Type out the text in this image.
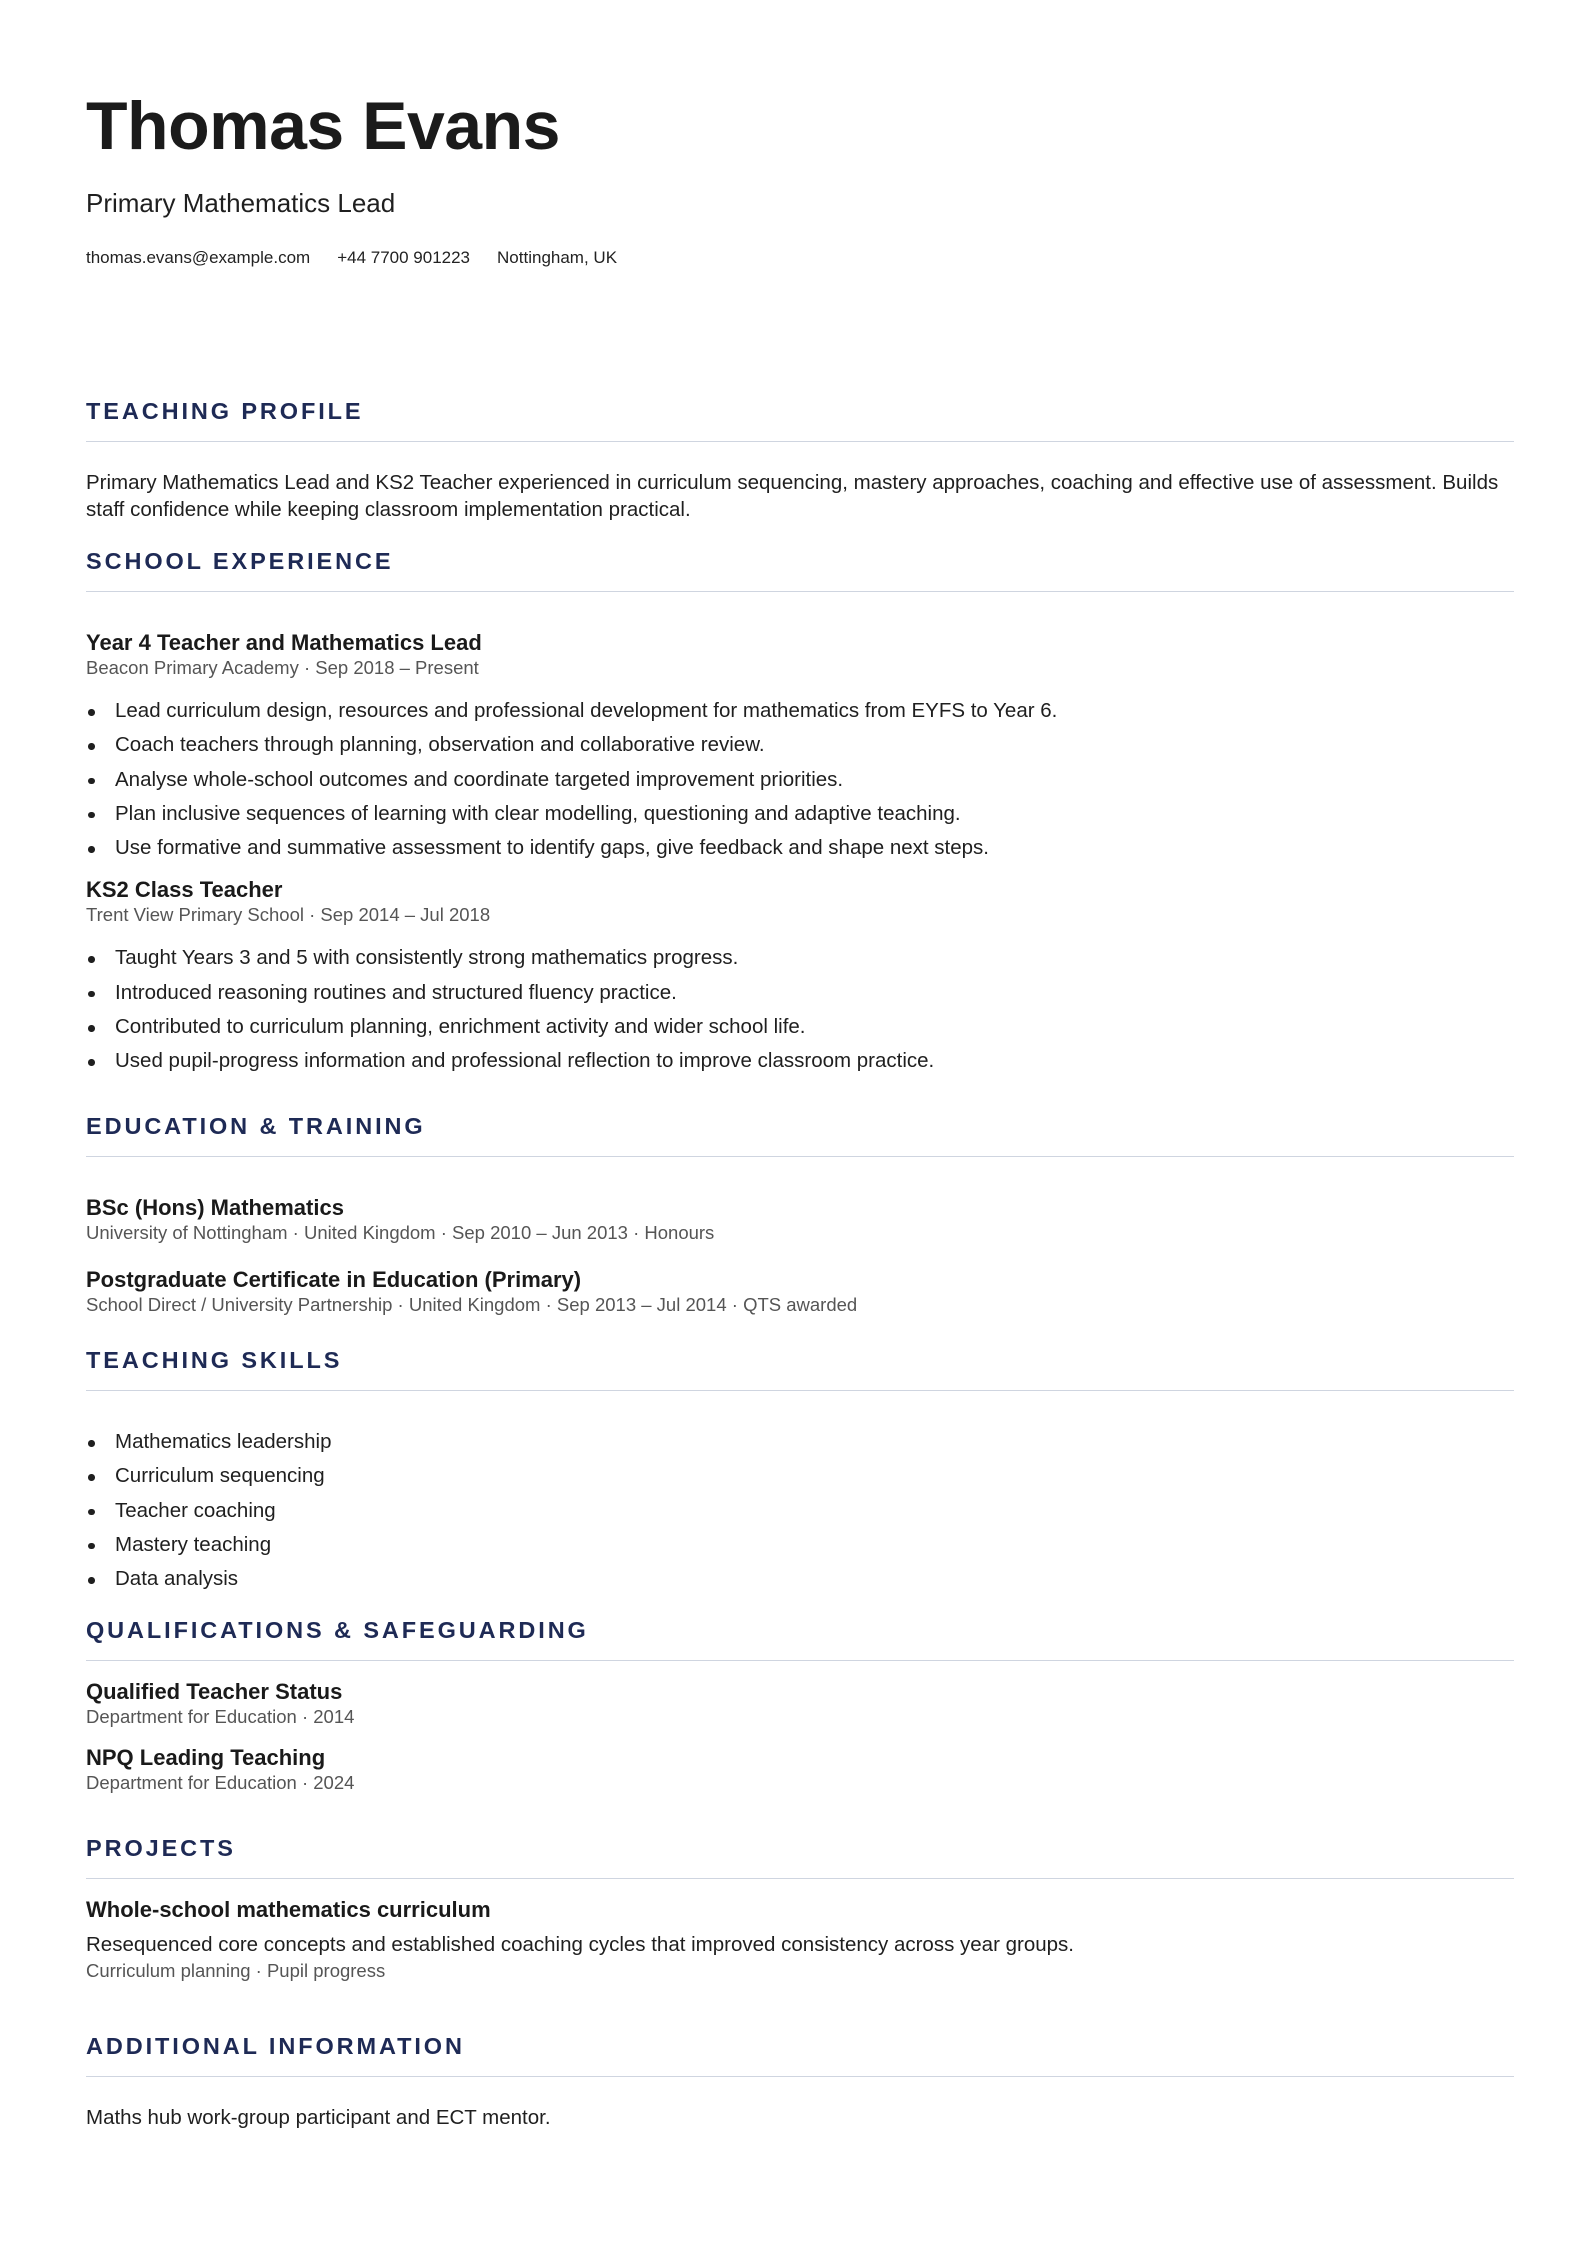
Thomas Evans

Primary Mathematics Lead

thomas.evans@example.com +44 7700 901223 Nottingham, UK
TEACHING PROFILE

Primary Mathematics Lead and KS2 Teacher experienced in curriculum sequencing, mastery approaches, coaching and effective use of assessment. Builds staff confidence while keeping classroom implementation practical.

SCHOOL EXPERIENCE

Year 4 Teacher and Mathematics Lead

Beacon Primary Academy · Sep 2018 – Present

Lead curriculum design, resources and professional development for mathematics from EYFS to Year 6.
Coach teachers through planning, observation and collaborative review.
Analyse whole-school outcomes and coordinate targeted improvement priorities.
Plan inclusive sequences of learning with clear modelling, questioning and adaptive teaching.
Use formative and summative assessment to identify gaps, give feedback and shape next steps.

KS2 Class Teacher

Trent View Primary School · Sep 2014 – Jul 2018

Taught Years 3 and 5 with consistently strong mathematics progress.
Introduced reasoning routines and structured fluency practice.
Contributed to curriculum planning, enrichment activity and wider school life.
Used pupil-progress information and professional reflection to improve classroom practice.
EDUCATION & TRAINING

BSc (Hons) Mathematics

University of Nottingham · United Kingdom · Sep 2010 – Jun 2013 · Honours

Postgraduate Certificate in Education (Primary)

School Direct / University Partnership · United Kingdom · Sep 2013 – Jul 2014 · QTS awarded

TEACHING SKILLS
Mathematics leadership
Curriculum sequencing
Teacher coaching
Mastery teaching
Data analysis
QUALIFICATIONS & SAFEGUARDING

Qualified Teacher Status

Department for Education · 2014

NPQ Leading Teaching

Department for Education · 2024

PROJECTS

Whole-school mathematics curriculum

Resequenced core concepts and established coaching cycles that improved consistency across year groups.

Curriculum planning · Pupil progress

ADDITIONAL INFORMATION

Maths hub work-group participant and ECT mentor.
